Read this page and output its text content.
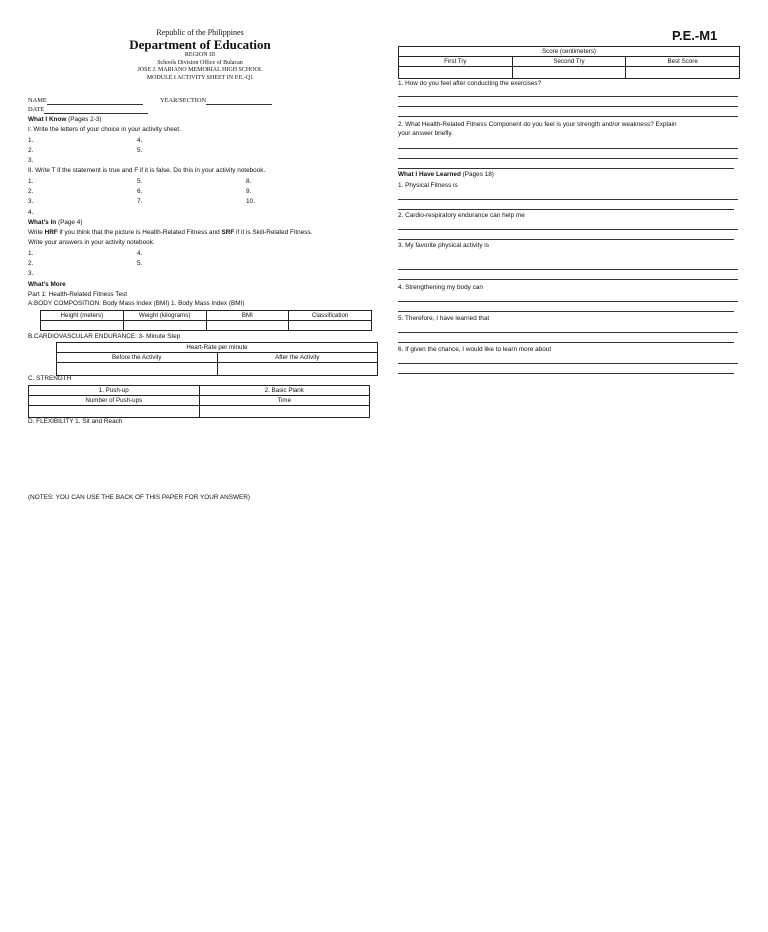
Republic of the Philippines
Department of Education
REGION III
Schools Division Office of Bulacan
JOSE J. MARIANO MEMORIAL HIGH SCHOOL
MODULE I ACTIVITY SHEET IN P.E.-Q1
P.E.-M1
NAME	YEAR/SECTION
DATE
What I Know (Pages 2-3)
I: Write the letters of your choice in your activity sheet.
1.
2.
3.
4.
5.
II. Write T if the statement is true and F if it is false. Do this in your activity notebook.
1.
2.
3.
4.
5.
6.
7.
8.
9.
10.
What's In (Page 4)
Write HRF if you think that the picture is Health-Related Fitness and SRF if it is Skill-Related Fitness.
Write your answers in your activity notebook.
1.
2.
3.
4.
5.
What's More
Part 1: Health-Related Fitness Test
A.BODY COMPOSITION: Body Mass Index (BMI) 1. Body Mass Index (BMI)
Height (meters)	Weight (kilograms)	BMI	Classification

B.CARDIOVASCULAR ENDURANCE: 3- Minute Step
Heart-Rate per minute	
Before the Activity	After the Activity

C. STRENGTH
1. Push-up	2. Basic Plank
Number of Push-ups	Time

D. FLEXIBILITY 1. Sit and Reach
(NOTES: YOU CAN USE THE BACK OF THIS PAPER FOR YOUR ANSWER)
Score (centimeters)		
First Try	Second Try	Best Score

1. How do you feel after conducting the exercises?
2. What Health-Related Fitness Component do you feel is your strength and/or weakness? Explain
your answer briefly.
What I Have Learned (Pages 18)
1. Physical Fitness is
2. Cardio-respiratory endurance can help me
3. My favorite physical activity is
4. Strengthening my body can
5. Therefore, I have learned that
6. If given the chance, I would like to learn more about
